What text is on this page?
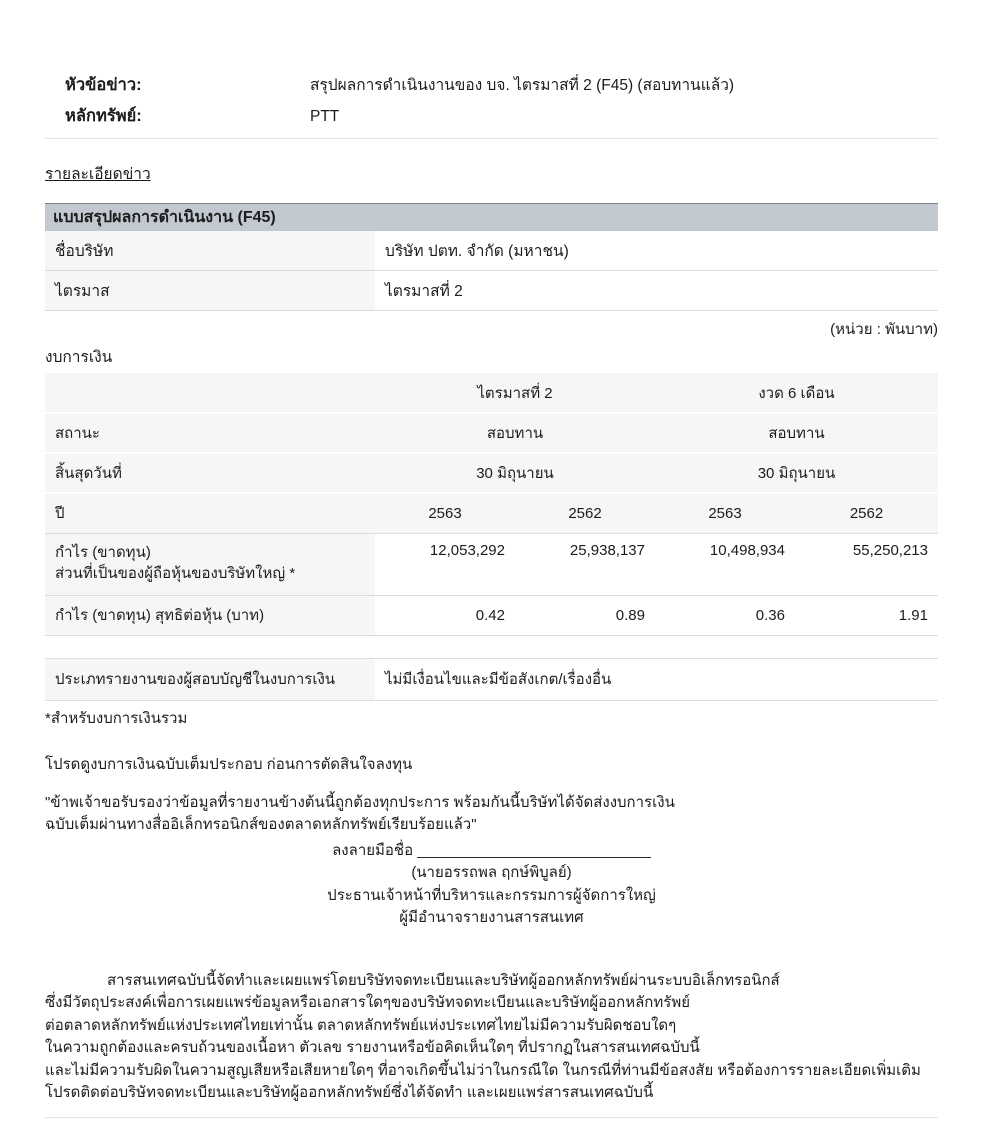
หัวข้อข่าว:	สรุปผลการดำเนินงานของ บจ. ไตรมาสที่ 2 (F45) (สอบทานแล้ว)
หลักทรัพย์:	PTT
รายละเอียดข่าว
แบบสรุปผลการดำเนินงาน (F45)	
ชื่อบริษัท	บริษัท ปตท. จำกัด (มหาชน)
ไตรมาส	ไตรมาสที่ 2
(หน่วย : พันบาท)
งบการเงิน
	ไตรมาสที่ 2		งวด 6 เดือน	
สถานะ	สอบทาน		สอบทาน	
สิ้นสุดวันที่	30 มิถุนายน		30 มิถุนายน	
ปี	2563	2562	2563	2562

กำไร (ขาดทุน)
ส่วนที่เป็นของผู้ถือหุ้นของบริษัทใหญ่ *	12,053,292	25,938,137	10,498,934	55,250,213
กำไร (ขาดทุน) สุทธิต่อหุ้น (บาท)	0.42	0.89	0.36	1.91
ประเภทรายงานของผู้สอบบัญชีในงบการเงิน	ไม่มีเงื่อนไขและมีข้อสังเกต/เรื่องอื่น
*สำหรับงบการเงินรวม
โปรดดูงบการเงินฉบับเต็มประกอบ ก่อนการตัดสินใจลงทุน
"ข้าพเจ้าขอรับรองว่าข้อมูลที่รายงานข้างต้นนี้ถูกต้องทุกประการ พร้อมกันนี้บริษัทได้จัดส่งงบการเงิน
ฉบับเต็มผ่านทางสื่ออิเล็กทรอนิกส์ของตลาดหลักทรัพย์เรียบร้อยแล้ว"
ลงลายมือชื่อ ____________________________
(นายอรรถพล ฤกษ์พิบูลย์)
ประธานเจ้าหน้าที่บริหารและกรรมการผู้จัดการใหญ่
ผู้มีอำนาจรายงานสารสนเทศ
สารสนเทศฉบับนี้จัดทำและเผยแพร่โดยบริษัทจดทะเบียนและบริษัทผู้ออกหลักทรัพย์ผ่านระบบอิเล็กทรอนิกส์
ซึ่งมีวัตถุประสงค์เพื่อการเผยแพร่ข้อมูลหรือเอกสารใดๆของบริษัทจดทะเบียนและบริษัทผู้ออกหลักทรัพย์
ต่อตลาดหลักทรัพย์แห่งประเทศไทยเท่านั้น ตลาดหลักทรัพย์แห่งประเทศไทยไม่มีความรับผิดชอบใดๆ
ในความถูกต้องและครบถ้วนของเนื้อหา ตัวเลข รายงานหรือข้อคิดเห็นใดๆ ที่ปรากฏในสารสนเทศฉบับนี้
และไม่มีความรับผิดในความสูญเสียหรือเสียหายใดๆ ที่อาจเกิดขึ้นไม่ว่าในกรณีใด ในกรณีที่ท่านมีข้อสงสัย หรือต้องการรายละเอียดเพิ่มเติม
โปรดติดต่อบริษัทจดทะเบียนและบริษัทผู้ออกหลักทรัพย์ซึ่งได้จัดทำ และเผยแพร่สารสนเทศฉบับนี้
